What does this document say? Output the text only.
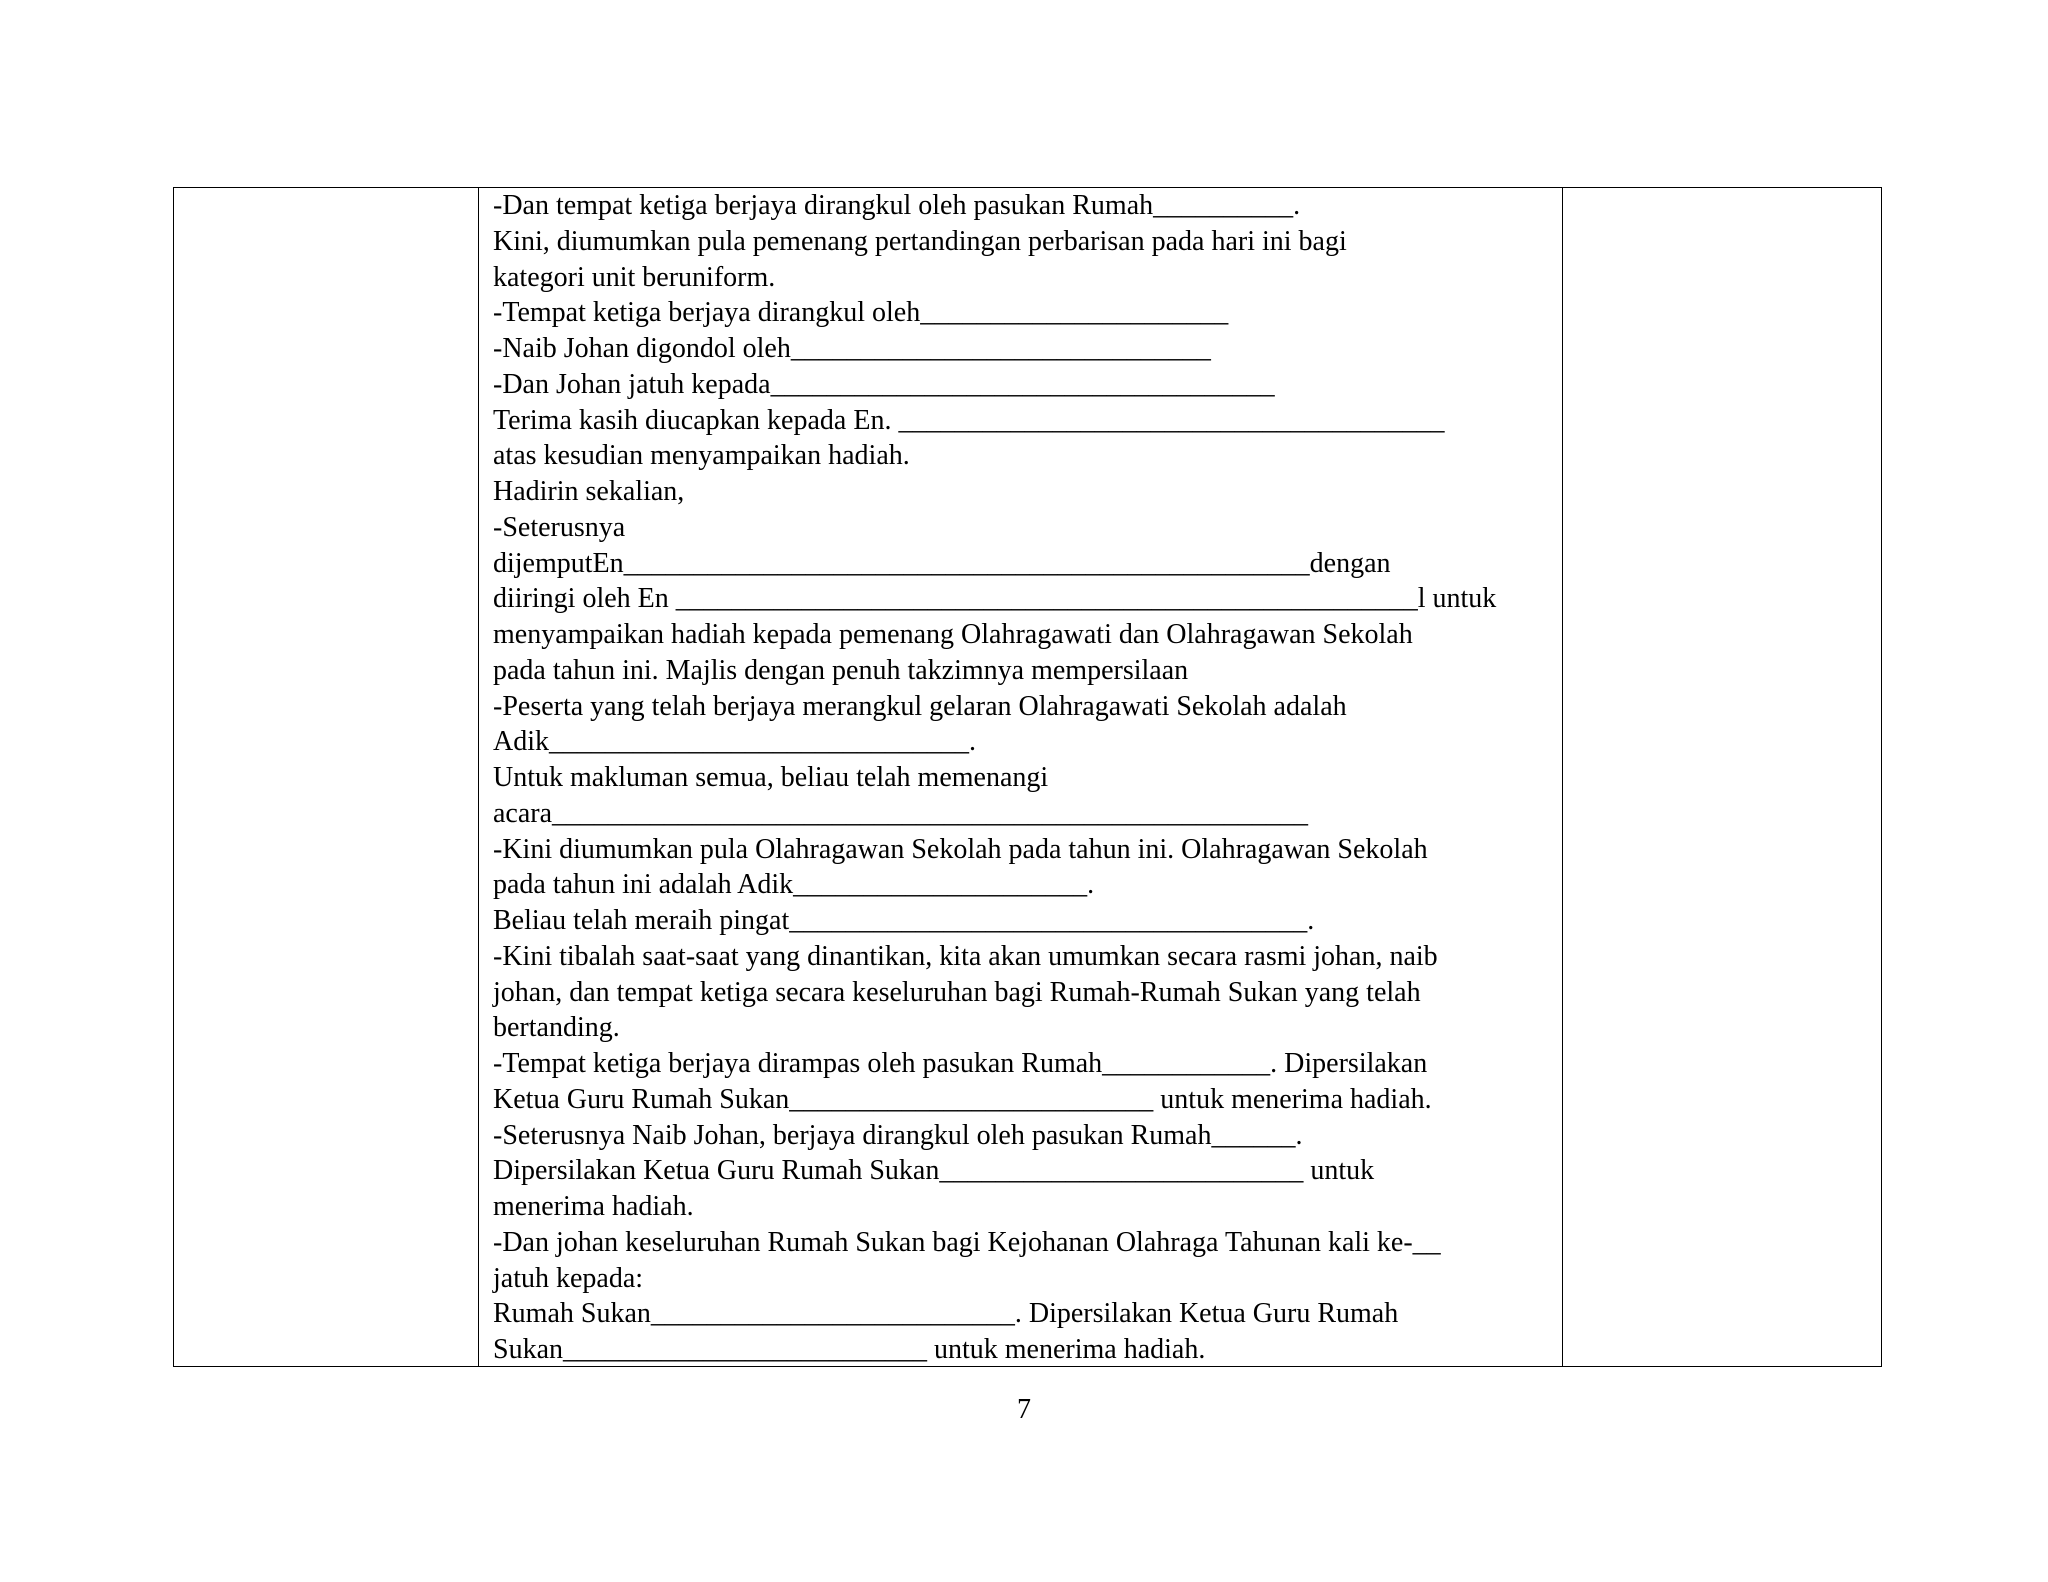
-Dan tempat ketiga berjaya dirangkul oleh pasukan Rumah__________.
Kini, diumumkan pula pemenang pertandingan perbarisan pada hari ini bagi
kategori unit beruniform.
-Tempat ketiga berjaya dirangkul oleh______________________
-Naib Johan digondol oleh______________________________
-Dan Johan jatuh kepada____________________________________
Terima kasih diucapkan kepada En. _______________________________________
atas kesudian menyampaikan hadiah.
Hadirin sekalian,
-Seterusnya
dijemputEn_________________________________________________dengan
diiringi oleh En _____________________________________________________l untuk
menyampaikan hadiah kepada pemenang Olahragawati dan Olahragawan Sekolah
pada tahun ini. Majlis dengan penuh takzimnya mempersilaan
-Peserta yang telah berjaya merangkul gelaran Olahragawati Sekolah adalah
Adik______________________________.
Untuk makluman semua, beliau telah memenangi
acara______________________________________________________
-Kini diumumkan pula Olahragawan Sekolah pada tahun ini. Olahragawan Sekolah
pada tahun ini adalah Adik_____________________.
Beliau telah meraih pingat_____________________________________.
-Kini tibalah saat-saat yang dinantikan, kita akan umumkan secara rasmi johan, naib
johan, dan tempat ketiga secara keseluruhan bagi Rumah-Rumah Sukan yang telah
bertanding.
-Tempat ketiga berjaya dirampas oleh pasukan Rumah____________. Dipersilakan
Ketua Guru Rumah Sukan__________________________ untuk menerima hadiah.
-Seterusnya Naib Johan, berjaya dirangkul oleh pasukan Rumah______.
Dipersilakan Ketua Guru Rumah Sukan__________________________ untuk
menerima hadiah.
-Dan johan keseluruhan Rumah Sukan bagi Kejohanan Olahraga Tahunan kali ke-__
jatuh kepada:
Rumah Sukan__________________________. Dipersilakan Ketua Guru Rumah
Sukan__________________________ untuk menerima hadiah.
7
